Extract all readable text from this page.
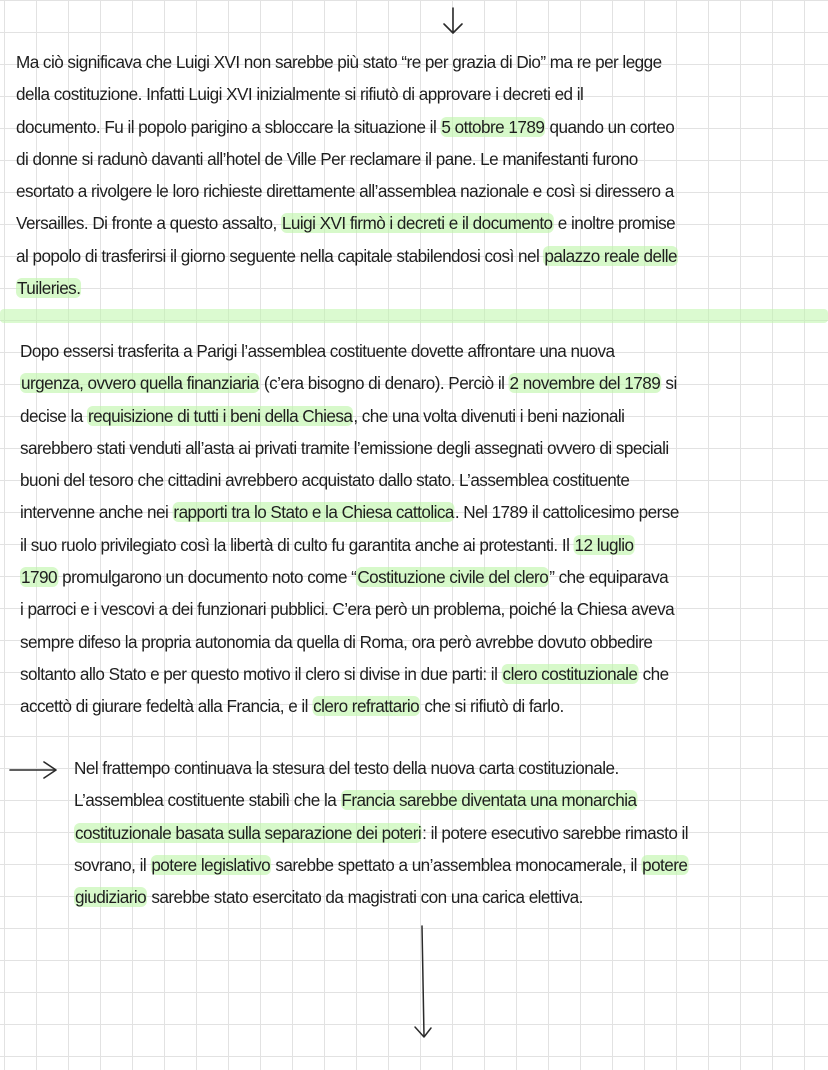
Ma ciò significava che Luigi XVI non sarebbe più stato “re per grazia di Dio” ma re per legge
della costituzione. Infatti Luigi XVI inizialmente si rifiutò di approvare i decreti ed il
documento. Fu il popolo parigino a sbloccare la situazione il 5 ottobre 1789 quando un corteo
di donne si radunò davanti all’hotel de Ville Per reclamare il pane. Le manifestanti furono
esortato a rivolgere le loro richieste direttamente all’assemblea nazionale e così si diressero a
Versailles. Di fronte a questo assalto, Luigi XVI firmò i decreti e il documento e inoltre promise
al popolo di trasferirsi il giorno seguente nella capitale stabilendosi così nel palazzo reale delle
Tuileries.
Dopo essersi trasferita a Parigi l’assemblea costituente dovette affrontare una nuova
urgenza, ovvero quella finanziaria (c’era bisogno di denaro). Perciò il 2 novembre del 1789 si
decise la requisizione di tutti i beni della Chiesa, che una volta divenuti i beni nazionali
sarebbero stati venduti all’asta ai privati tramite l’emissione degli assegnati ovvero di speciali
buoni del tesoro che cittadini avrebbero acquistato dallo stato. L’assemblea costituente
intervenne anche nei rapporti tra lo Stato e la Chiesa cattolica. Nel 1789 il cattolicesimo perse
il suo ruolo privilegiato così la libertà di culto fu garantita anche ai protestanti. Il 12 luglio
1790 promulgarono un documento noto come “Costituzione civile del clero” che equiparava
i parroci e i vescovi a dei funzionari pubblici. C’era però un problema, poiché la Chiesa aveva
sempre difeso la propria autonomia da quella di Roma, ora però avrebbe dovuto obbedire
soltanto allo Stato e per questo motivo il clero si divise in due parti: il clero costituzionale che
accettò di giurare fedeltà alla Francia, e il clero refrattario che si rifiutò di farlo.
Nel frattempo continuava la stesura del testo della nuova carta costituzionale.
L’assemblea costituente stabilì che la Francia sarebbe diventata una monarchia
costituzionale basata sulla separazione dei poteri: il potere esecutivo sarebbe rimasto il
sovrano, il potere legislativo sarebbe spettato a un’assemblea monocamerale, il potere
giudiziario sarebbe stato esercitato da magistrati con una carica elettiva.
